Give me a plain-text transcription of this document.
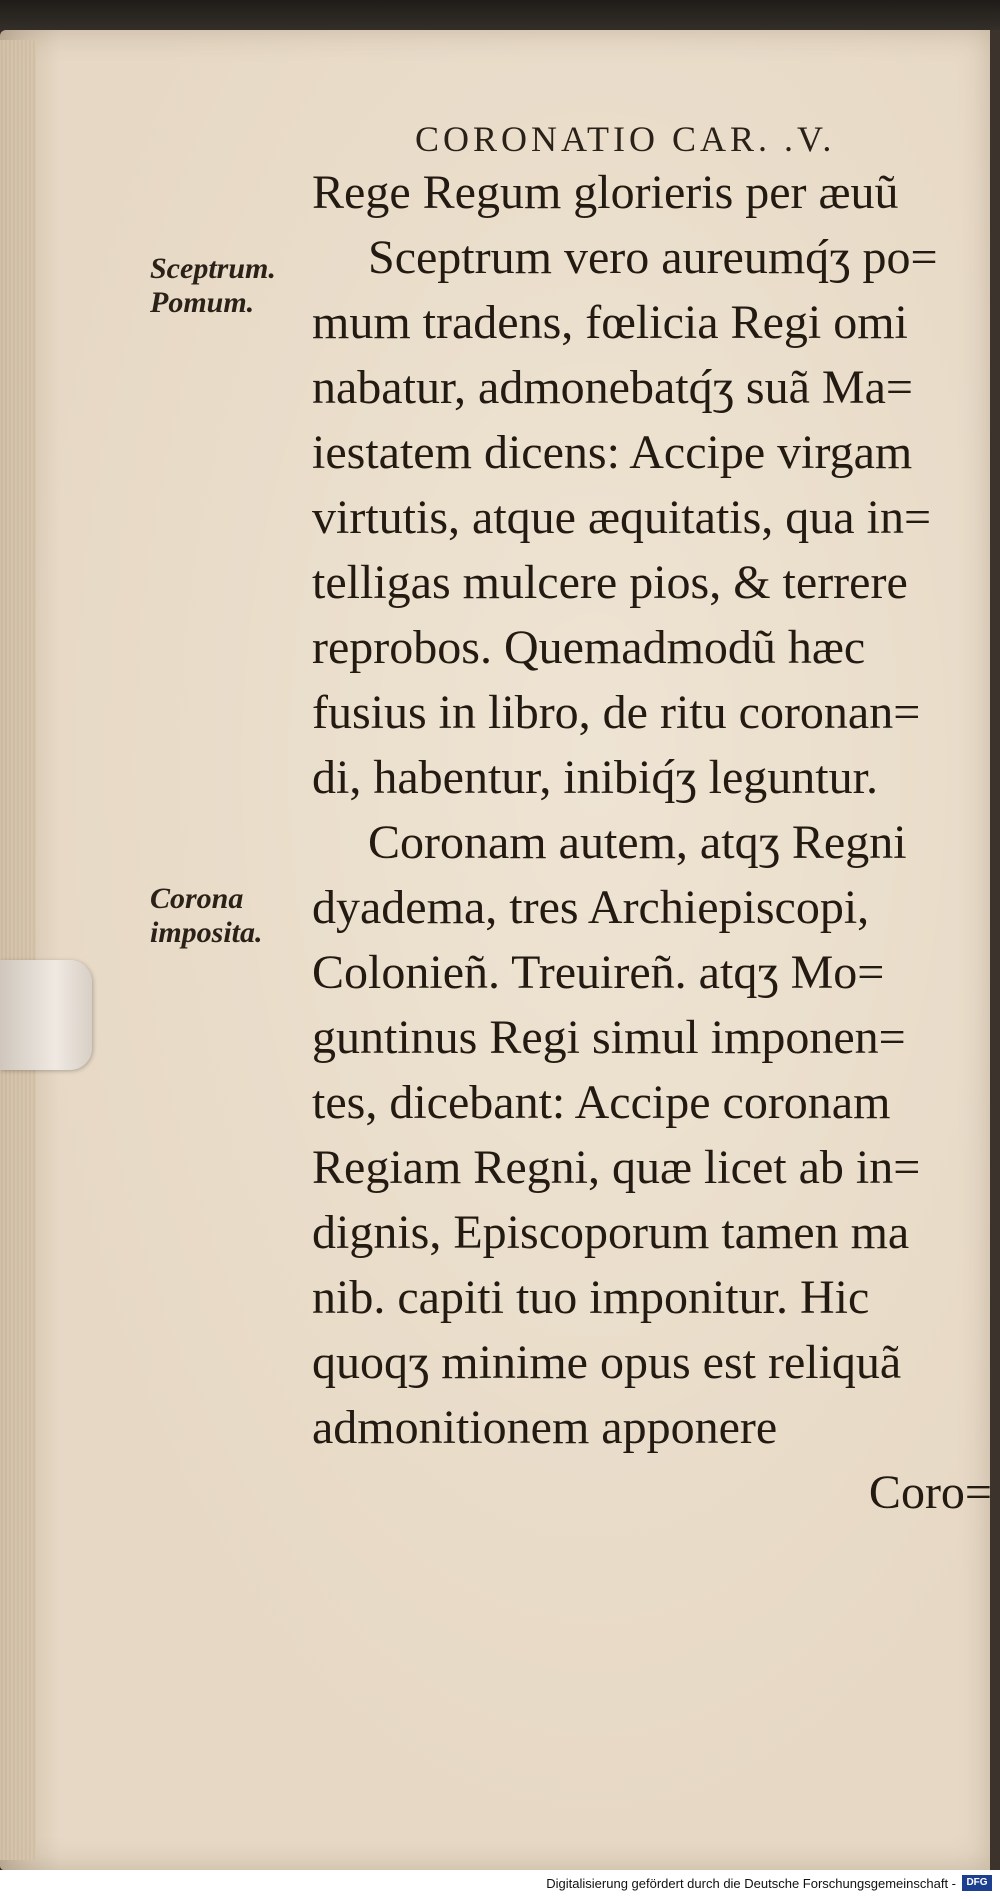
CORONATIO CAR. .V.
Sceptrum.
Pomum.
Corona
imposita.
Rege Regum glorieris per æuũ
Sceptrum vero aureumq́ʒ po=
mum tradens, fœlicia Regi omi
nabatur, admonebatq́ʒ suã Ma=
iestatem dicens: Accipe virgam
virtutis, atque æquitatis, qua in=
telligas mulcere pios, & terrere
reprobos. Quemadmodũ hæc
fusius in libro, de ritu coronan=
di, habentur, inibiq́ʒ leguntur.
Coronam autem, atqʒ Regni
dyadema, tres Archiepiscopi,
Colonieñ. Treuireñ. atqʒ Mo=
guntinus Regi simul imponen=
tes, dicebant: Accipe coronam
Regiam Regni, quæ licet ab in=
dignis, Episcoporum tamen ma
nib. capiti tuo imponitur. Hic
quoqʒ minime opus est reliquã
admonitionem apponere
Coro=
Digitalisierung gefördert durch die Deutsche Forschungsgemeinschaft -	DFG
